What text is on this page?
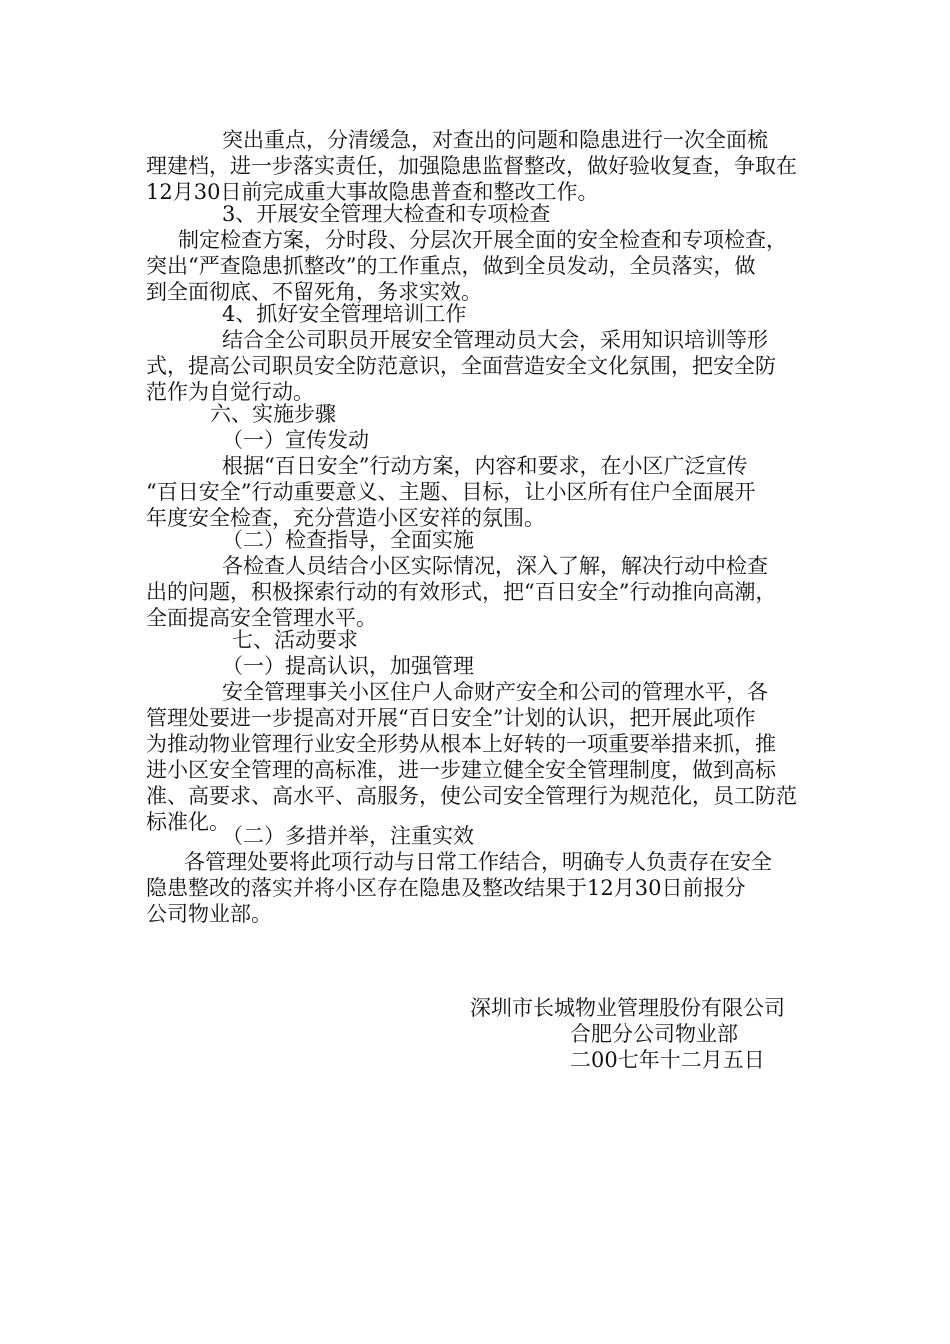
突出重点，分清缓急，对查出的问题和隐患进行一次全面梳
理建档，进一步落实责任，加强隐患监督整改，做好验收复查，争取在
12月30日前完成重大事故隐患普查和整改工作。
3、开展安全管理大检查和专项检查
制定检查方案，分时段、分层次开展全面的安全检查和专项检查，
突出“严查隐患抓整改”的工作重点，做到全员发动，全员落实，做
到全面彻底、不留死角，务求实效。
4、抓好安全管理培训工作
结合全公司职员开展安全管理动员大会，采用知识培训等形
式，提高公司职员安全防范意识，全面营造安全文化氛围，把安全防
范作为自觉行动。
六、实施步骤
（一）宣传发动
根据“百日安全”行动方案，内容和要求，在小区广泛宣传
“百日安全”行动重要意义、主题、目标，让小区所有住户全面展开
年度安全检查，充分营造小区安祥的氛围。
（二）检查指导，全面实施
各检查人员结合小区实际情况，深入了解，解决行动中检查
出的问题，积极探索行动的有效形式，把“百日安全”行动推向高潮，
全面提高安全管理水平。
七、活动要求
（一）提高认识，加强管理
安全管理事关小区住户人命财产安全和公司的管理水平，各
管理处要进一步提高对开展“百日安全”计划的认识，把开展此项作
为推动物业管理行业安全形势从根本上好转的一项重要举措来抓，推
进小区安全管理的高标准，进一步建立健全安全管理制度，做到高标
准、高要求、高水平、高服务，使公司安全管理行为规范化，员工防范
标准化。
（二）多措并举，注重实效
各管理处要将此项行动与日常工作结合，明确专人负责存在安全
隐患整改的落实并将小区存在隐患及整改结果于12月30日前报分
公司物业部。
深圳市长城物业管理股份有限公司
合肥分公司物业部
二00七年十二月五日
